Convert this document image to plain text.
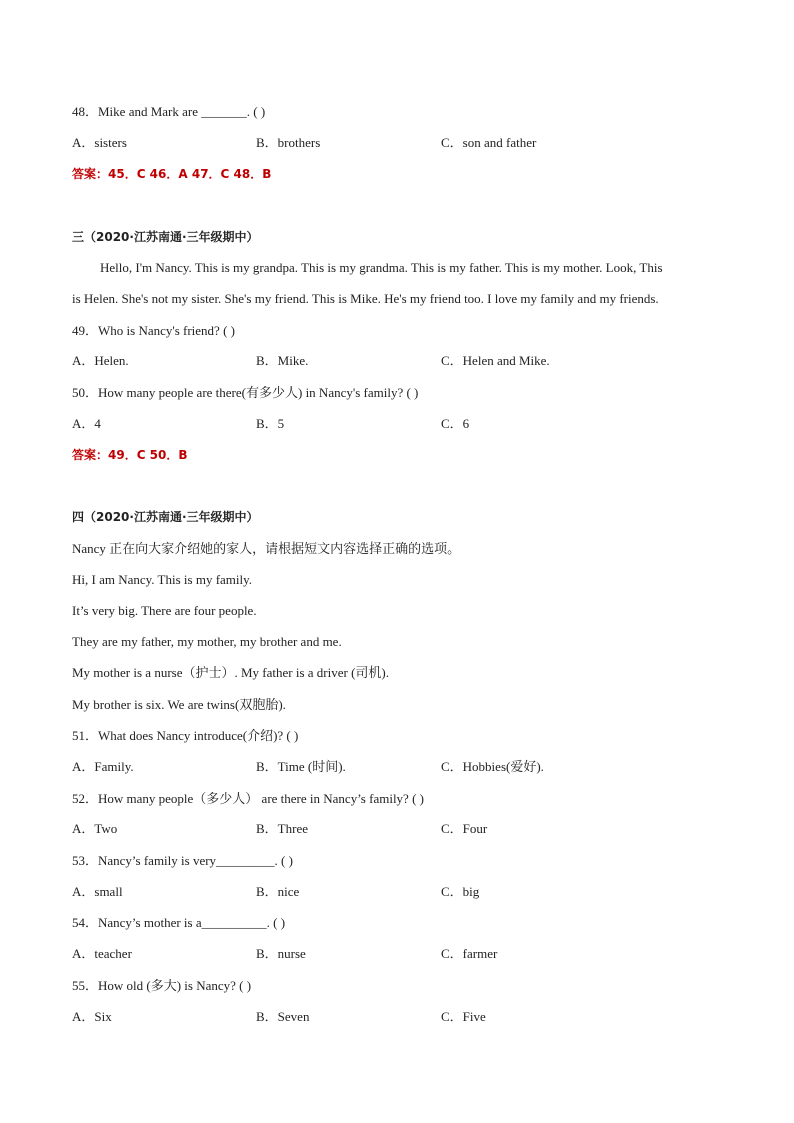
48．Mike and Mark are _______. ( )
A．sisters	B．brothers	C．son and father
答案：45．C 46．A 47．C 48．B
三（2020·江苏南通·三年级期中）
Hello, I'm Nancy. This is my grandpa. This is my grandma. This is my father. This is my mother. Look, This
is Helen. She's not my sister. She's my friend. This is Mike. He's my friend too. I love my family and my friends.
49．Who is Nancy's friend? ( )
A．Helen.	B．Mike.	C．Helen and Mike.
50．How many people are there(有多少人) in Nancy's family? ( )
A．4	B．5	C．6
答案：49．C 50．B
四（2020·江苏南通·三年级期中）
Nancy 正在向大家介绍她的家人，请根据短文内容选择正确的选项。
Hi, I am Nancy. This is my family.
It’s very big. There are four people.
They are my father, my mother, my brother and me.
My mother is a nurse（护士）. My father is a driver (司机).
My brother is six. We are twins(双胞胎).
51．What does Nancy introduce(介绍)? ( )
A．Family.	B．Time (时间).	C．Hobbies(爱好).
52．How many people（多少人） are there in Nancy’s family? ( )
A．Two	B．Three	C．Four
53．Nancy’s family is very_________. ( )
A．small	B．nice	C．big
54．Nancy’s mother is a__________. ( )
A．teacher	B．nurse	C．farmer
55．How old (多大) is Nancy? ( )
A．Six	B．Seven	C．Five
